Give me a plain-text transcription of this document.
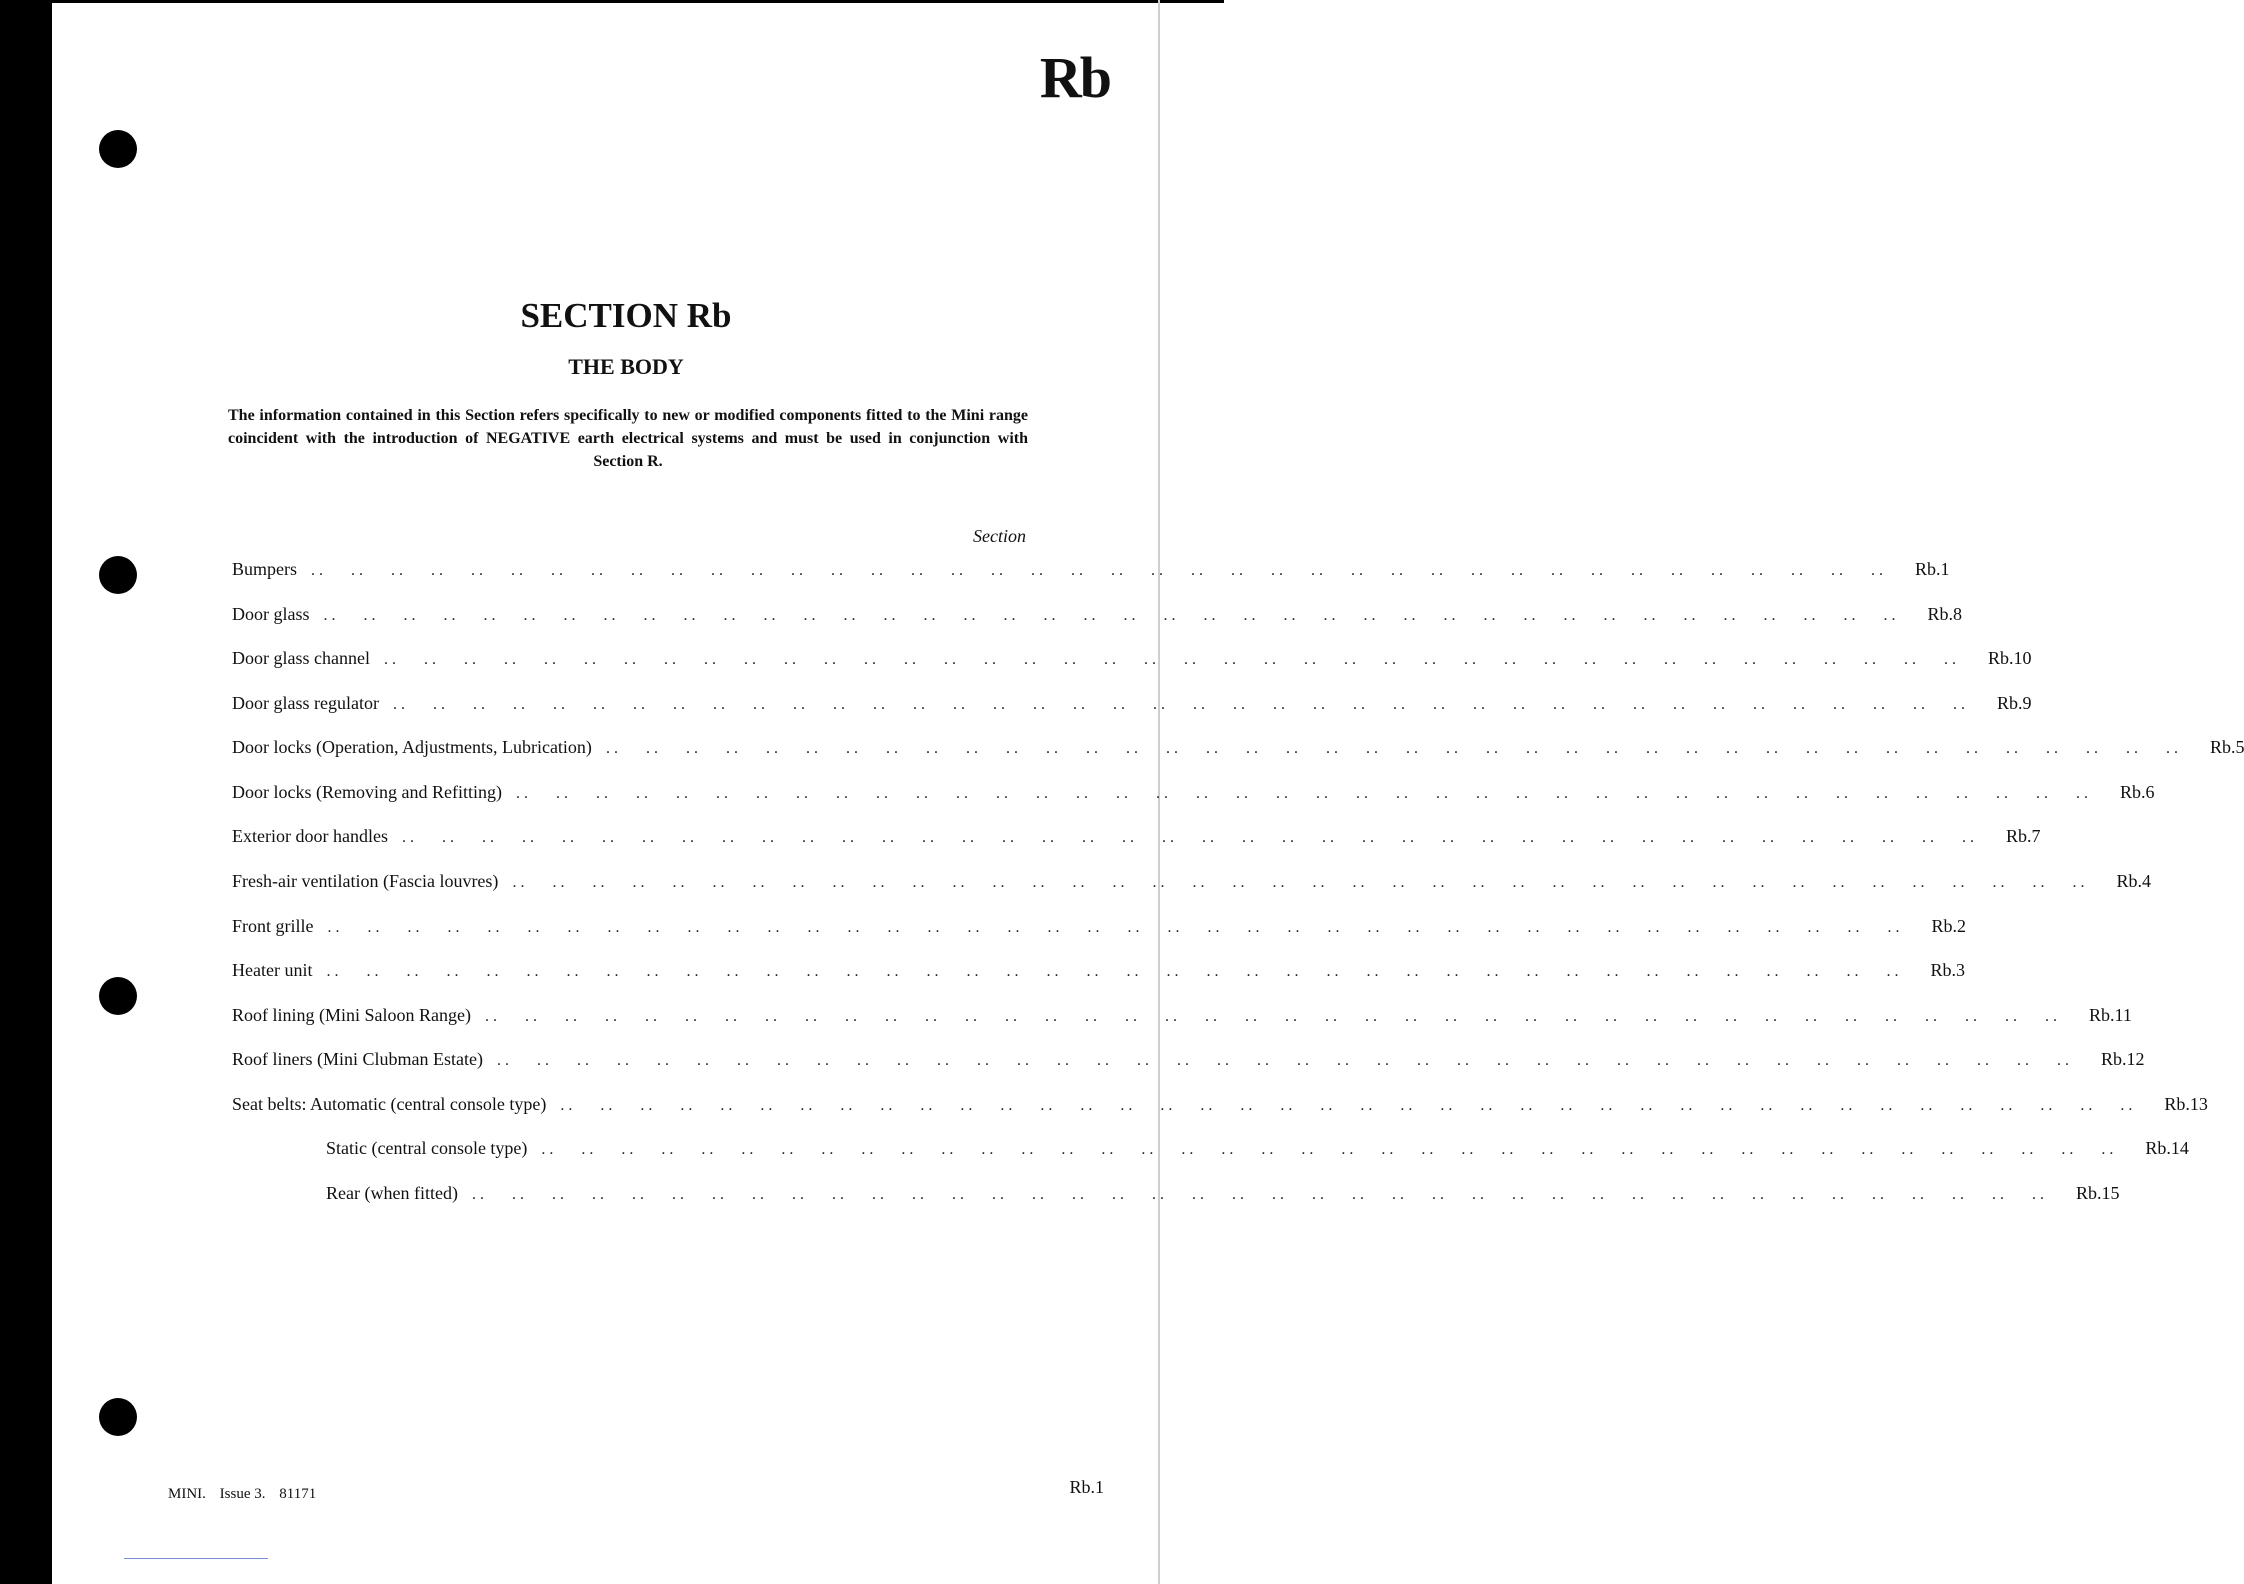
Rb
SECTION Rb
THE BODY

The information contained in this Section refers specifically to new or modified components fitted to the Mini range coincident with the introduction of NEGATIVE earth electrical systems and must be used in conjunction with Section R.

Section
Bumpers . .       . .       . .       . .       . .       . .       . .       . .       . .       . .       . .       . .       . .       . .       . .       . .       . .       . .       . .       . .       . .       . .       . .       . .       . .       . .       . .       . .       . .       . .       . .       . .       . .       . .       . .       . .       . .       . .       . .       . . Rb.1
Door glass . .       . .       . .       . .       . .       . .       . .       . .       . .       . .       . .       . .       . .       . .       . .       . .       . .       . .       . .       . .       . .       . .       . .       . .       . .       . .       . .       . .       . .       . .       . .       . .       . .       . .       . .       . .       . .       . .       . .       . . Rb.8
Door glass channel . .       . .       . .       . .       . .       . .       . .       . .       . .       . .       . .       . .       . .       . .       . .       . .       . .       . .       . .       . .       . .       . .       . .       . .       . .       . .       . .       . .       . .       . .       . .       . .       . .       . .       . .       . .       . .       . .       . .       . . Rb.10
Door glass regulator . .       . .       . .       . .       . .       . .       . .       . .       . .       . .       . .       . .       . .       . .       . .       . .       . .       . .       . .       . .       . .       . .       . .       . .       . .       . .       . .       . .       . .       . .       . .       . .       . .       . .       . .       . .       . .       . .       . .       . . Rb.9
Door locks (Operation, Adjustments, Lubrication) . .       . .       . .       . .       . .       . .       . .       . .       . .       . .       . .       . .       . .       . .       . .       . .       . .       . .       . .       . .       . .       . .       . .       . .       . .       . .       . .       . .       . .       . .       . .       . .       . .       . .       . .       . .       . .       . .       . .       . . Rb.5
Door locks (Removing and Refitting) . .       . .       . .       . .       . .       . .       . .       . .       . .       . .       . .       . .       . .       . .       . .       . .       . .       . .       . .       . .       . .       . .       . .       . .       . .       . .       . .       . .       . .       . .       . .       . .       . .       . .       . .       . .       . .       . .       . .       . . Rb.6
Exterior door handles . .       . .       . .       . .       . .       . .       . .       . .       . .       . .       . .       . .       . .       . .       . .       . .       . .       . .       . .       . .       . .       . .       . .       . .       . .       . .       . .       . .       . .       . .       . .       . .       . .       . .       . .       . .       . .       . .       . .       . . Rb.7
Fresh-air ventilation (Fascia louvres) . .       . .       . .       . .       . .       . .       . .       . .       . .       . .       . .       . .       . .       . .       . .       . .       . .       . .       . .       . .       . .       . .       . .       . .       . .       . .       . .       . .       . .       . .       . .       . .       . .       . .       . .       . .       . .       . .       . .       . . Rb.4
Front grille . .       . .       . .       . .       . .       . .       . .       . .       . .       . .       . .       . .       . .       . .       . .       . .       . .       . .       . .       . .       . .       . .       . .       . .       . .       . .       . .       . .       . .       . .       . .       . .       . .       . .       . .       . .       . .       . .       . .       . . Rb.2
Heater unit . .       . .       . .       . .       . .       . .       . .       . .       . .       . .       . .       . .       . .       . .       . .       . .       . .       . .       . .       . .       . .       . .       . .       . .       . .       . .       . .       . .       . .       . .       . .       . .       . .       . .       . .       . .       . .       . .       . .       . . Rb.3
Roof lining (Mini Saloon Range) . .       . .       . .       . .       . .       . .       . .       . .       . .       . .       . .       . .       . .       . .       . .       . .       . .       . .       . .       . .       . .       . .       . .       . .       . .       . .       . .       . .       . .       . .       . .       . .       . .       . .       . .       . .       . .       . .       . .       . . Rb.11
Roof liners (Mini Clubman Estate) . .       . .       . .       . .       . .       . .       . .       . .       . .       . .       . .       . .       . .       . .       . .       . .       . .       . .       . .       . .       . .       . .       . .       . .       . .       . .       . .       . .       . .       . .       . .       . .       . .       . .       . .       . .       . .       . .       . .       . . Rb.12
Seat belts: Automatic (central console type) . .       . .       . .       . .       . .       . .       . .       . .       . .       . .       . .       . .       . .       . .       . .       . .       . .       . .       . .       . .       . .       . .       . .       . .       . .       . .       . .       . .       . .       . .       . .       . .       . .       . .       . .       . .       . .       . .       . .       . . Rb.13
Static (central console type) . .       . .       . .       . .       . .       . .       . .       . .       . .       . .       . .       . .       . .       . .       . .       . .       . .       . .       . .       . .       . .       . .       . .       . .       . .       . .       . .       . .       . .       . .       . .       . .       . .       . .       . .       . .       . .       . .       . .       . . Rb.14
Rear (when fitted) . .       . .       . .       . .       . .       . .       . .       . .       . .       . .       . .       . .       . .       . .       . .       . .       . .       . .       . .       . .       . .       . .       . .       . .       . .       . .       . .       . .       . .       . .       . .       . .       . .       . .       . .       . .       . .       . .       . .       . . Rb.15
MINI. Issue 3. 81171	Rb.1
